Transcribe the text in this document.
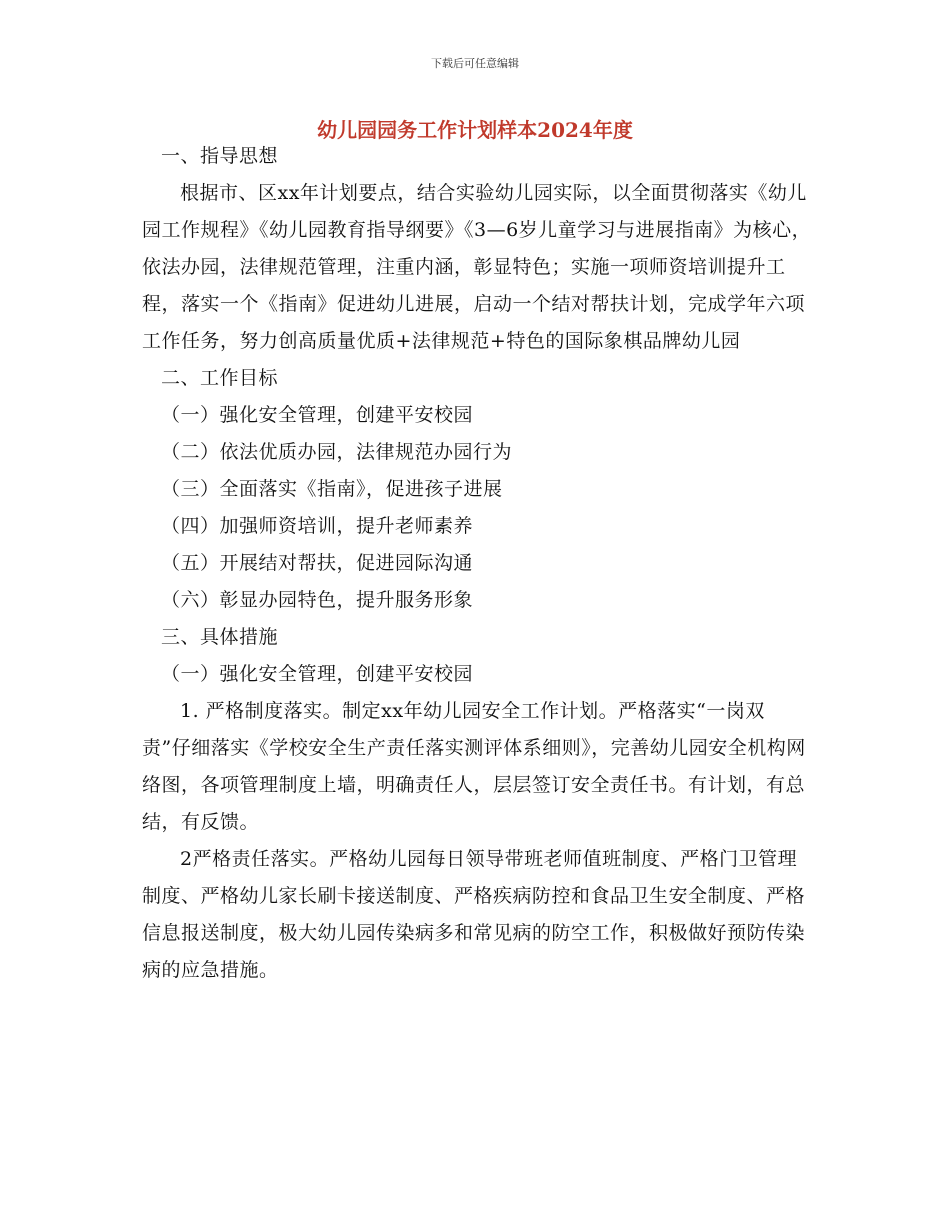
下载后可任意编辑
幼儿园园务工作计划样本2024年度

一、指导思想

根据市、区xx年计划要点，结合实验幼儿园实际，以全面贯彻落实《幼儿园工作规程》《幼儿园教育指导纲要》《3—6岁儿童学习与进展指南》为核心，依法办园，法律规范管理，注重内涵，彰显特色；实施一项师资培训提升工程，落实一个《指南》促进幼儿进展，启动一个结对帮扶计划，完成学年六项工作任务，努力创高质量优质+法律规范+特色的国际象棋品牌幼儿园

二、工作目标

（一）强化安全管理，创建平安校园

（二）依法优质办园，法律规范办园行为

（三）全面落实《指南》，促进孩子进展

（四）加强师资培训，提升老师素养

（五）开展结对帮扶，促进园际沟通

（六）彰显办园特色，提升服务形象

三、具体措施

（一）强化安全管理，创建平安校园

1. 严格制度落实。制定xx年幼儿园安全工作计划。严格落实“一岗双责”仔细落实《学校安全生产责任落实测评体系细则》，完善幼儿园安全机构网络图，各项管理制度上墙，明确责任人，层层签订安全责任书。有计划，有总结，有反馈。

2严格责任落实。严格幼儿园每日领导带班老师值班制度、严格门卫管理制度、严格幼儿家长刷卡接送制度、严格疾病防控和食品卫生安全制度、严格信息报送制度，极大幼儿园传染病多和常见病的防空工作，积极做好预防传染病的应急措施。
